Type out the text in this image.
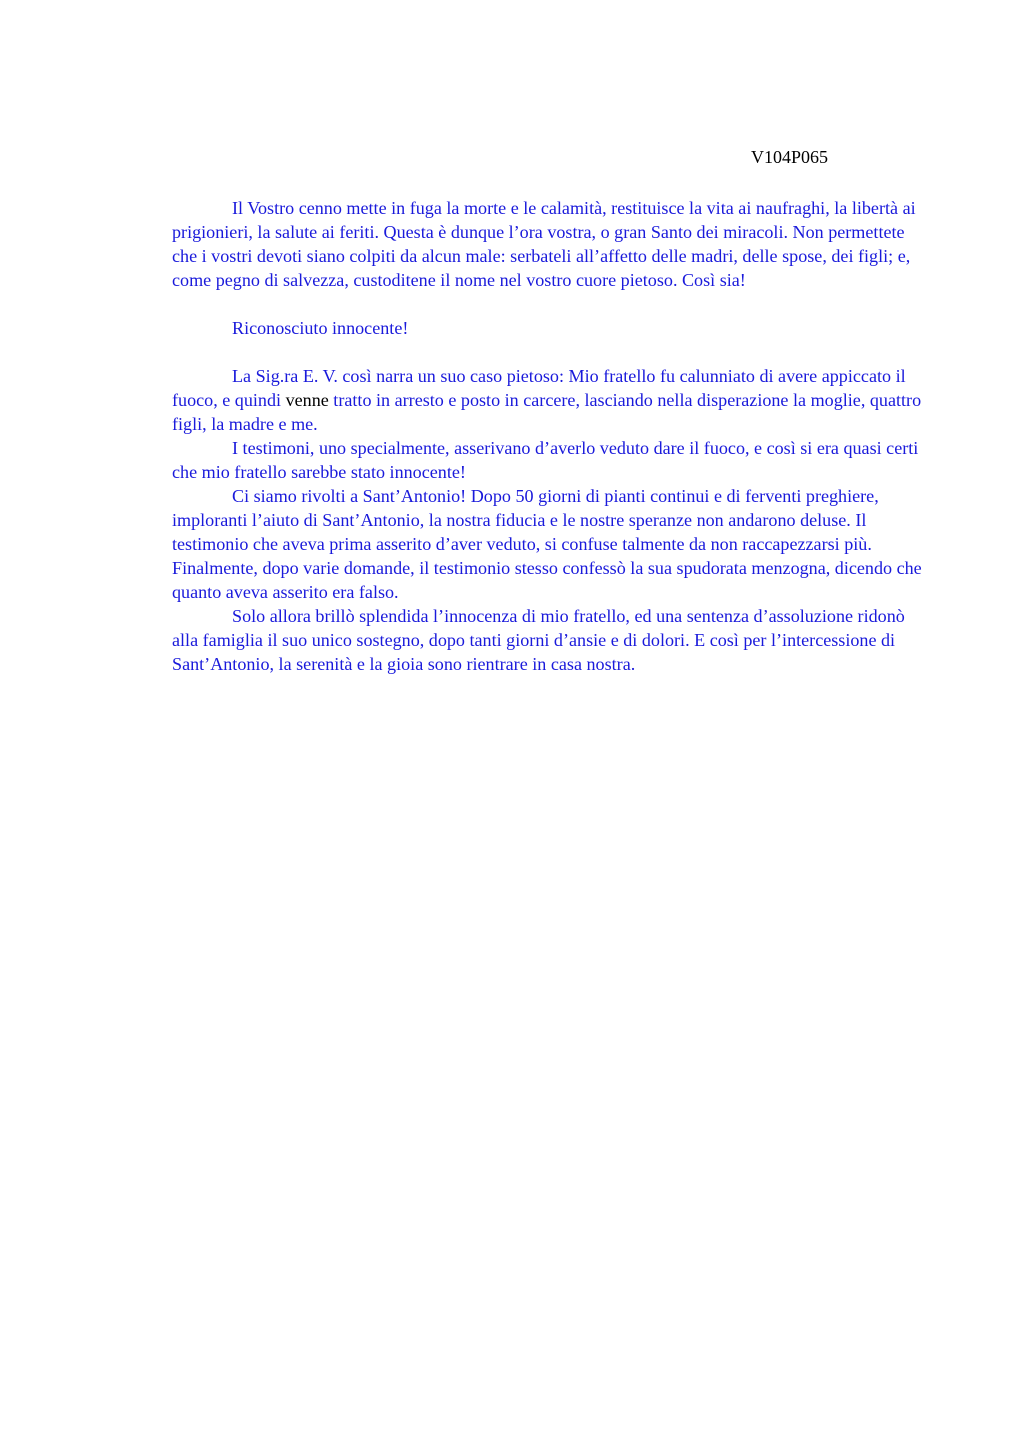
V104P065

Il Vostro cenno mette in fuga la morte e le calamità, restituisce la vita ai naufraghi, la libertà ai prigionieri, la salute ai feriti. Questa è dunque l’ora vostra, o gran Santo dei miracoli. Non permettete che i vostri devoti siano colpiti da alcun male: serbateli all’affetto delle madri, delle spose, dei figli; e, come pegno di salvezza, custoditene il nome nel vostro cuore pietoso. Così sia!

Riconosciuto innocente!

La Sig.ra E. V. così narra un suo caso pietoso: Mio fratello fu calunniato di avere appiccato il fuoco, e quindi venne tratto in arresto e posto in carcere, lasciando nella disperazione la moglie, quattro figli, la madre e me.

I testimoni, uno specialmente, asserivano d’averlo veduto dare il fuoco, e così si era quasi certi che mio fratello sarebbe stato innocente!

Ci siamo rivolti a Sant’Antonio! Dopo 50 giorni di pianti continui e di ferventi preghiere, imploranti l’aiuto di Sant’Antonio, la nostra fiducia e le nostre speranze non andarono deluse. Il testimonio che aveva prima asserito d’aver veduto, si confuse talmente da non raccapezzarsi più. Finalmente, dopo varie domande, il testimonio stesso confessò la sua spudorata menzogna, dicendo che quanto aveva asserito era falso.

Solo allora brillò splendida l’innocenza di mio fratello, ed una sentenza d’assoluzione ridonò alla famiglia il suo unico sostegno, dopo tanti giorni d’ansie e di dolori. E così per l’intercessione di Sant’Antonio, la serenità e la gioia sono rientrare in casa nostra.
